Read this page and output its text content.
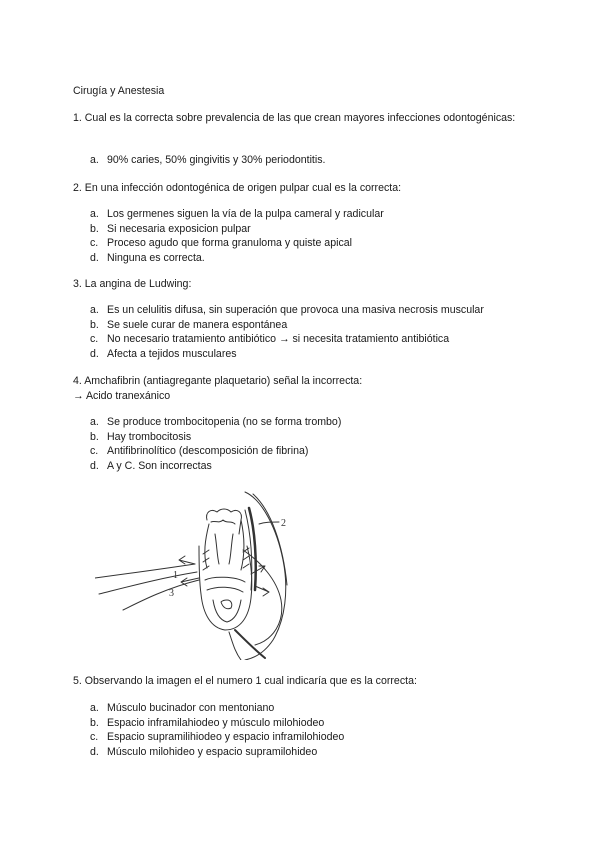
Cirugía y Anestesia
1. Cual es la correcta sobre prevalencia de las que crean mayores infecciones odontogénicas:
a. 90% caries, 50% gingivitis y 30% periodontitis.
2. En una infección odontogénica de origen pulpar cual es la correcta:
a. Los germenes siguen la vía de la pulpa cameral y radicular
b. Si necesaria exposicion pulpar
c. Proceso agudo que forma granuloma y quiste apical
d. Ninguna es correcta.
3. La angina de Ludwing:
a. Es un celulitis difusa, sin superación que provoca una masiva necrosis muscular
b. Se suele curar de manera espontánea
c. No necesario tratamiento antibiótico → si necesita tratamiento antibiótica
d. Afecta a tejidos musculares
4. Amchafibrin (antiagregante plaquetario) señal la incorrecta:
→ Acido tranexánico
a. Se produce trombocitopenia (no se forma trombo)
b. Hay trombocitosis
c. Antifibrinolítico (descomposición de fibrina)
d. A y C. Son incorrectas
2
1
3
5. Observando la imagen el el numero 1 cual indicaría que es la correcta:
a. Músculo bucinador con mentoniano
b. Espacio inframilahiodeo y músculo milohiodeo
c. Espacio supramilihiodeo y espacio inframilohiodeo
d. Músculo milohideo y espacio supramilohideo
